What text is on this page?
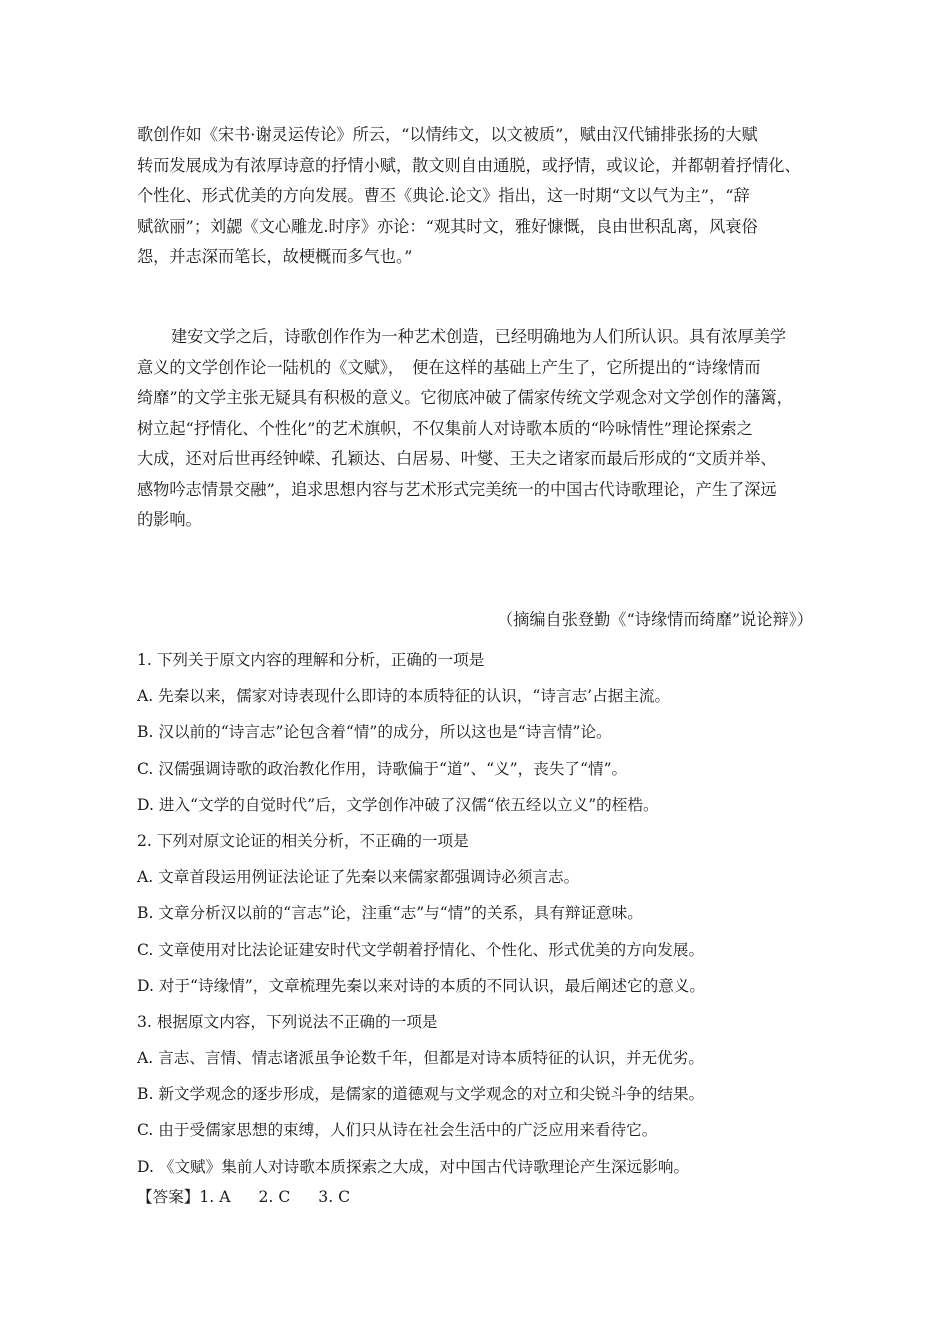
歌创作如《宋书·谢灵运传论》所云，“以情纬文，以文被质”，赋由汉代铺排张扬的大赋
转而发展成为有浓厚诗意的抒情小赋，散文则自由通脱，或抒情，或议论，并都朝着抒情化、
个性化、形式优美的方向发展。曹丕《典论.论文》指出，这一时期“文以气为主”，“辞
赋欲丽”；刘勰《文心雕龙.时序》亦论：“观其时文，雅好慷慨，良由世积乱离，风衰俗
怨，并志深而笔长，故梗概而多气也。”
建安文学之后，诗歌创作作为一种艺术创造，已经明确地为人们所认识。具有浓厚美学
意义的文学创作论一陆机的《文赋》，　便在这样的基础上产生了，它所提出的“诗缘情而
绮靡”的文学主张无疑具有积极的意义。它彻底冲破了儒家传统文学观念对文学创作的藩篱，
树立起“抒情化、个性化”的艺术旗帜，不仅集前人对诗歌本质的“吟咏情性”理论探索之
大成，还对后世再经钟嵘、孔颖达、白居易、叶燮、王夫之诸家而最后形成的“文质并举、
感物吟志情景交融”，追求思想内容与艺术形式完美统一的中国古代诗歌理论，产生了深远
的影响。
（摘编自张登勤《“诗缘情而绮靡”说论辩》）
1. 下列关于原文内容的理解和分析，正确的一项是
A. 先秦以来，儒家对诗表现什么即诗的本质特征的认识，“诗言志’占据主流。
B. 汉以前的“诗言志”论包含着“情”的成分，所以这也是“诗言情”论。
C. 汉儒强调诗歌的政治教化作用，诗歌偏于“道”、“义”，丧失了“情”。
D. 进入“文学的自觉时代”后，文学创作冲破了汉儒“依五经以立义”的桎梏。
2. 下列对原文论证的相关分析，不正确的一项是
A. 文章首段运用例证法论证了先秦以来儒家都强调诗必须言志。
B. 文章分析汉以前的“言志”论，注重“志”与“情”的关系，具有辩证意味。
C. 文章使用对比法论证建安时代文学朝着抒情化、个性化、形式优美的方向发展。
D. 对于“诗缘情”，文章梳理先秦以来对诗的本质的不同认识，最后阐述它的意义。
3. 根据原文内容，下列说法不正确的一项是
A. 言志、言情、情志诸派虽争论数千年，但都是对诗本质特征的认识，并无优劣。
B. 新文学观念的逐步形成，是儒家的道德观与文学观念的对立和尖锐斗争的结果。
C. 由于受儒家思想的束缚，人们只从诗在社会生活中的广泛应用来看待它。
D. 《文赋》集前人对诗歌本质探索之大成，对中国古代诗歌理论产生深远影响。
【答案】1. A 2. C 3. C
